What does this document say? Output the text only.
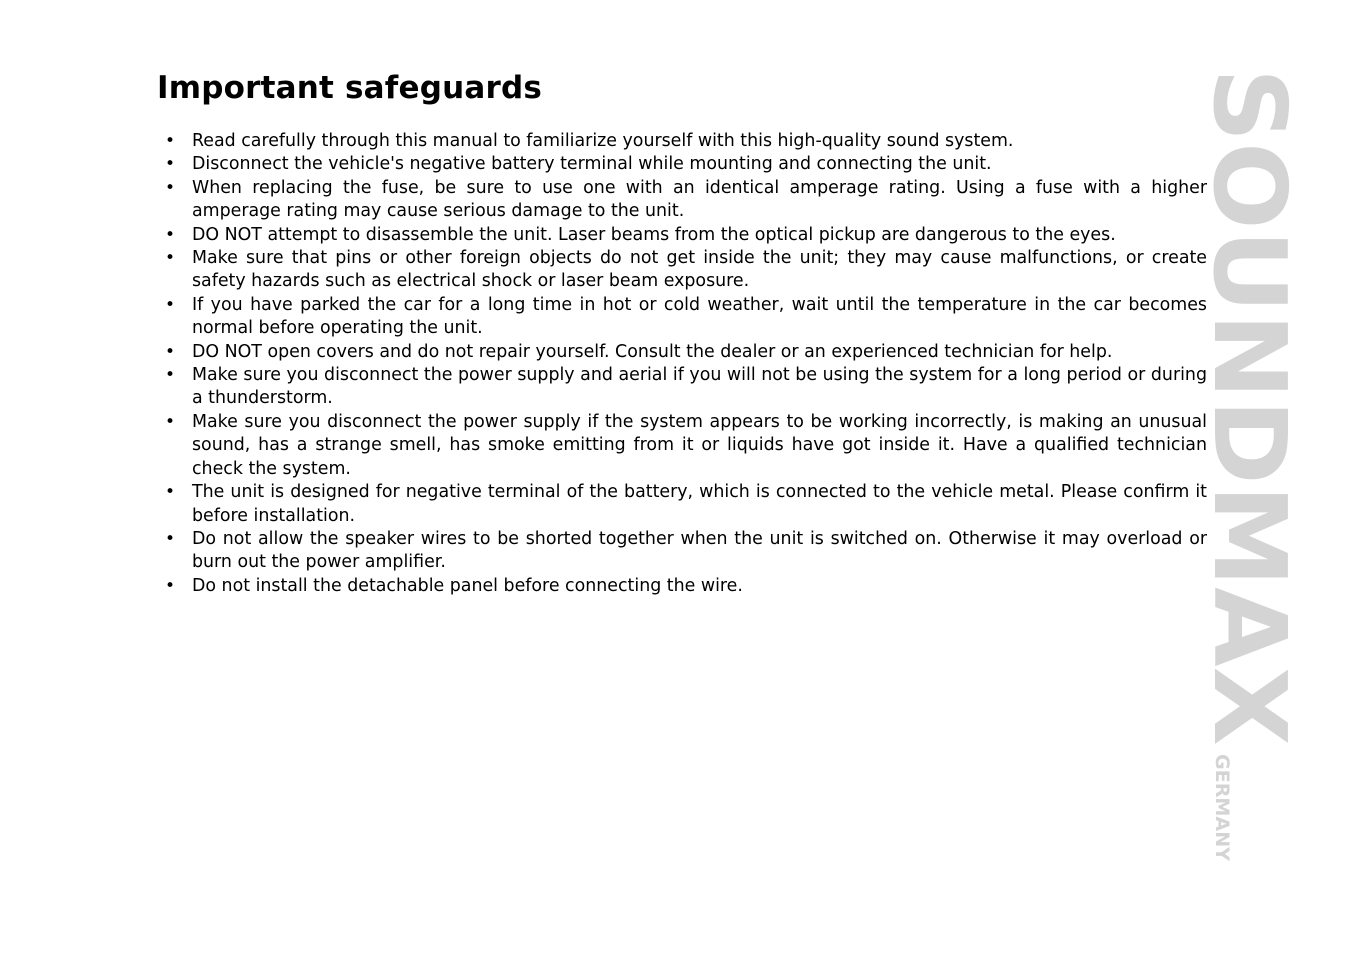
Important safeguards
• Read carefully through this manual to familiarize yourself with this high-quality sound system.
• Disconnect the vehicle's negative battery terminal while mounting and connecting the unit.
• When replacing the fuse, be sure to use one with an identical amperage rating. Using a fuse with a higher amperage rating may cause serious damage to the unit.
• DO NOT attempt to disassemble the unit. Laser beams from the optical pickup are dangerous to the eyes.
• Make sure that pins or other foreign objects do not get inside the unit; they may cause malfunctions, or create safety hazards such as electrical shock or laser beam exposure.
• If you have parked the car for a long time in hot or cold weather, wait until the temperature in the car becomes normal before operating the unit.
• DO NOT open covers and do not repair yourself. Consult the dealer or an experienced technician for help.
• Make sure you disconnect the power supply and aerial if you will not be using the system for a long period or during a thunderstorm.
• Make sure you disconnect the power supply if the system appears to be working incorrectly, is making an unusual sound, has a strange smell, has smoke emitting from it or liquids have got inside it. Have a qualified technician check the system.
• The unit is designed for negative terminal of the battery, which is connected to the vehicle metal. Please confirm it before installation.
• Do not allow the speaker wires to be shorted together when the unit is switched on. Otherwise it may overload or burn out the power amplifier.
• Do not install the detachable panel before connecting the wire.	SOUNDMAX
GERMANY
